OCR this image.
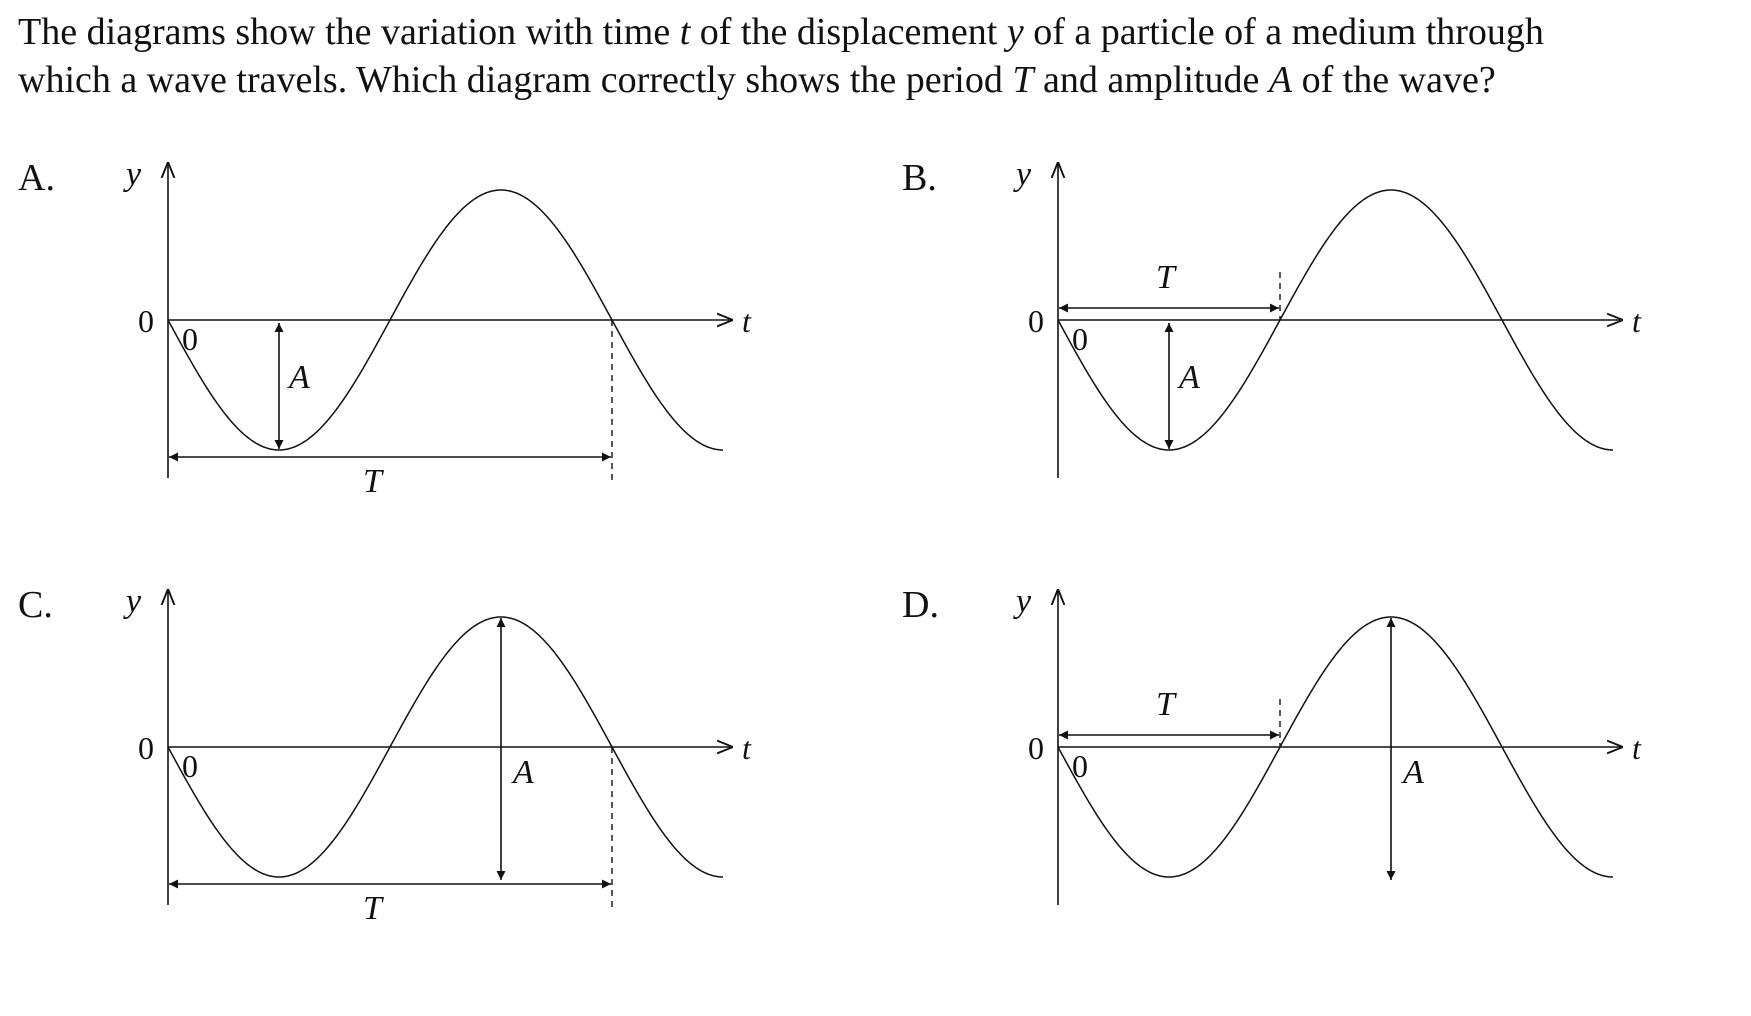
The diagrams show the variation with time t of the displacement y of a particle of a medium through
which a wave travels. Which diagram correctly shows the period T and amplitude A of the wave?

A. y
0 0	t
T
A
B. y
0 0	t
T
A
C. y
0 0	t
T
A
D. y
0 0	t
T
A
